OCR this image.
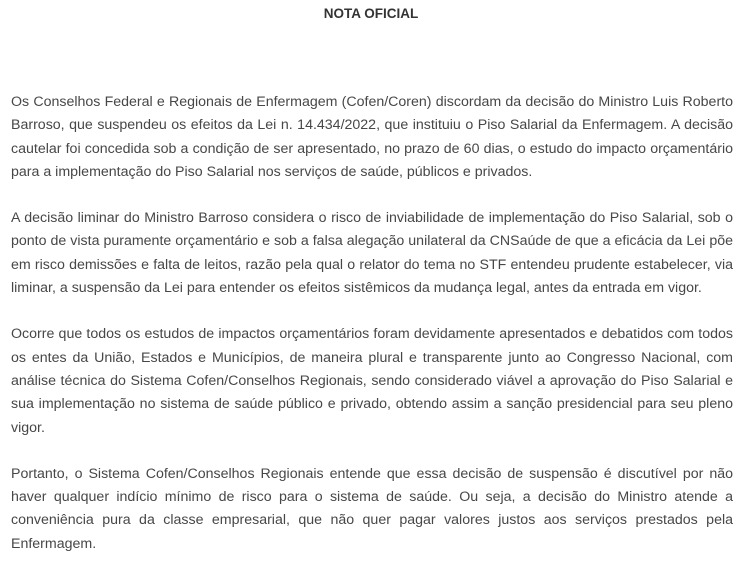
NOTA OFICIAL

Os Conselhos Federal e Regionais de Enfermagem (Cofen/Coren) discordam da decisão do Ministro Luis Roberto Barroso, que suspendeu os efeitos da Lei n. 14.434/2022, que instituiu o Piso Salarial da Enfermagem. A decisão cautelar foi concedida sob a condição de ser apresentado, no prazo de 60 dias, o estudo do impacto orçamentário para a implementação do Piso Salarial nos serviços de saúde, públicos e privados.

A decisão liminar do Ministro Barroso considera o risco de inviabilidade de implementação do Piso Salarial, sob o ponto de vista puramente orçamentário e sob a falsa alegação unilateral da CNSaúde de que a eficácia da Lei põe em risco demissões e falta de leitos, razão pela qual o relator do tema no STF entendeu prudente estabelecer, via liminar, a suspensão da Lei para entender os efeitos sistêmicos da mudança legal, antes da entrada em vigor.

Ocorre que todos os estudos de impactos orçamentários foram devidamente apresentados e debatidos com todos os entes da União, Estados e Municípios, de maneira plural e transparente junto ao Congresso Nacional, com análise técnica do Sistema Cofen/Conselhos Regionais, sendo considerado viável a aprovação do Piso Salarial e sua implementação no sistema de saúde público e privado, obtendo assim a sanção presidencial para seu pleno vigor.

Portanto, o Sistema Cofen/Conselhos Regionais entende que essa decisão de suspensão é discutível por não haver qualquer indício mínimo de risco para o sistema de saúde. Ou seja, a decisão do Ministro atende a conveniência pura da classe empresarial, que não quer pagar valores justos aos serviços prestados pela Enfermagem.
